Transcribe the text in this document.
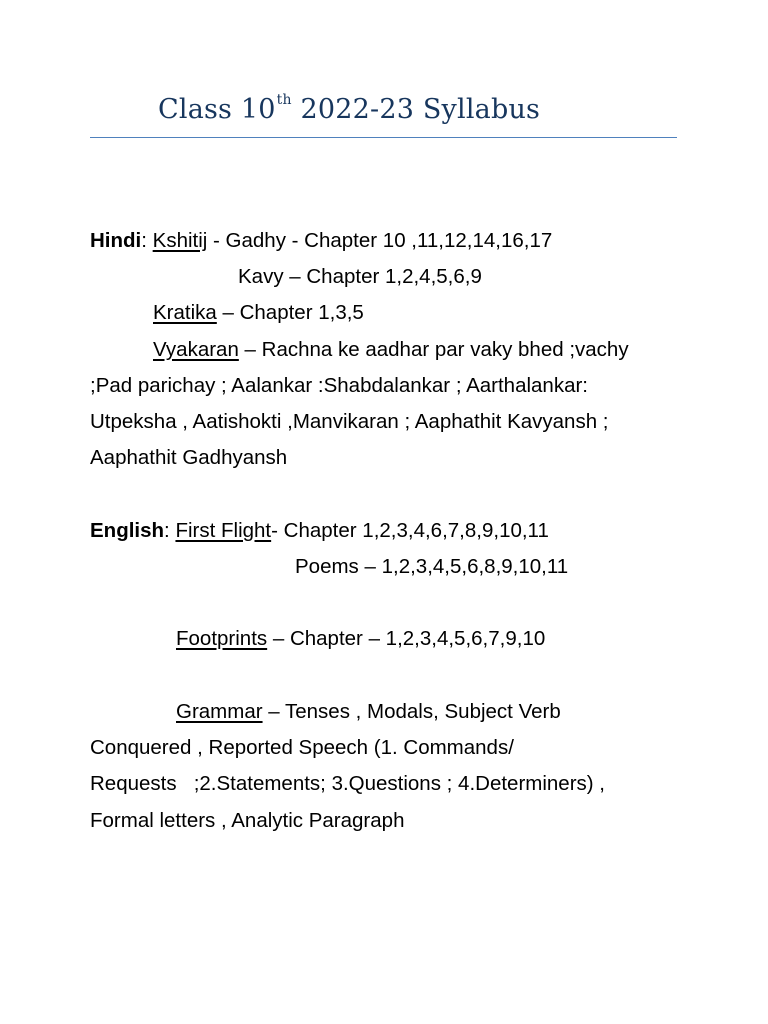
Class 10th 2022-23 Syllabus
Hindi: Kshitij - Gadhy - Chapter 10 ,11,12,14,16,17
Kavy – Chapter 1,2,4,5,6,9
Kratika – Chapter 1,3,5
Vyakaran – Rachna ke aadhar par vaky bhed ;vachy
;Pad parichay ; Aalankar :Shabdalankar ; Aarthalankar:
Utpeksha , Aatishokti ,Manvikaran ; Aaphathit Kavyansh ;
Aaphathit Gadhyansh
English: First Flight- Chapter 1,2,3,4,6,7,8,9,10,11
Poems – 1,2,3,4,5,6,8,9,10,11
Footprints – Chapter – 1,2,3,4,5,6,7,9,10
Grammar – Tenses , Modals, Subject Verb
Conquered , Reported Speech (1. Commands/
Requests   ;2.Statements; 3.Questions ; 4.Determiners) ,
Formal letters , Analytic Paragraph
